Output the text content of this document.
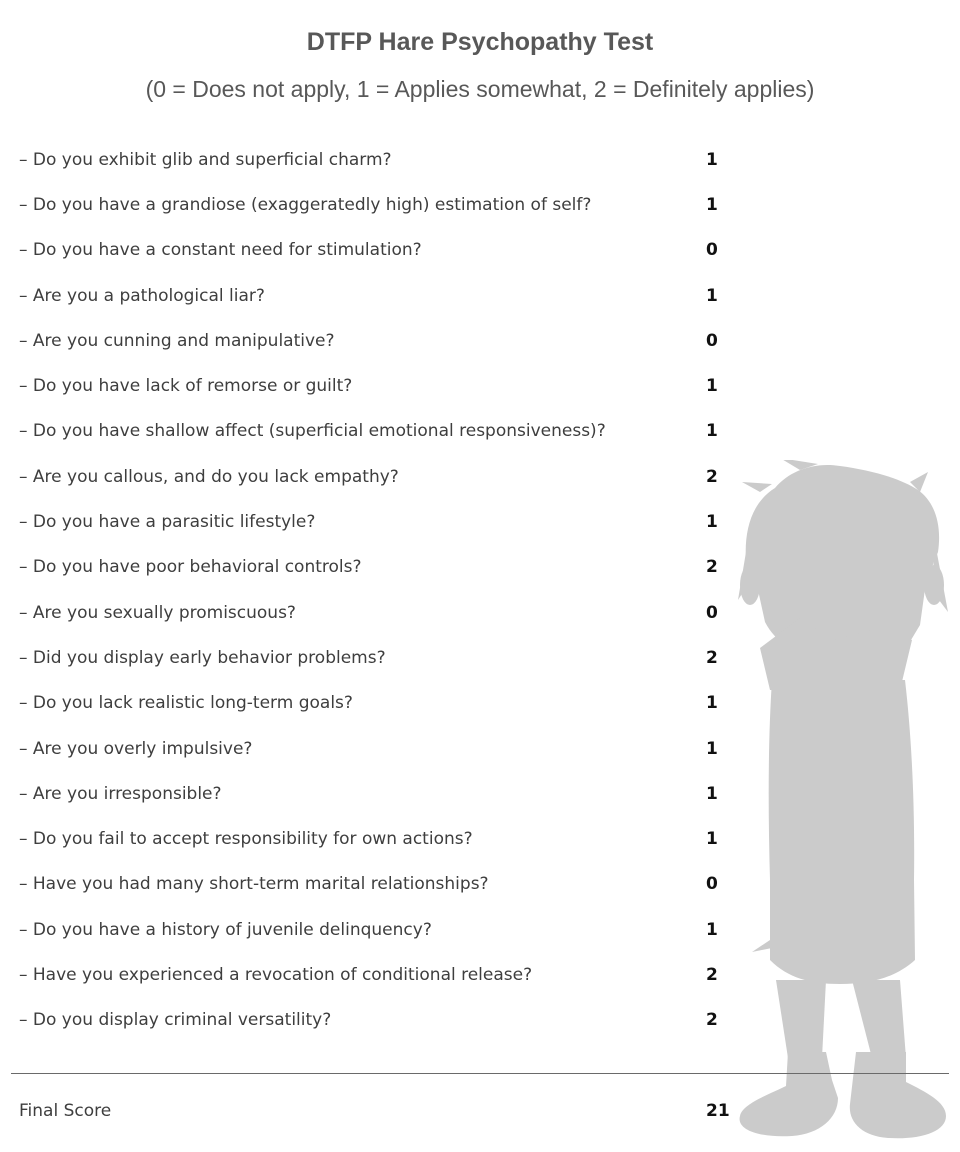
DTFP Hare Psychopathy Test
(0 = Does not apply, 1 = Applies somewhat, 2 = Definitely applies)
– Do you exhibit glib and superficial charm?	1
– Do you have a grandiose (exaggeratedly high) estimation of self?	1
– Do you have a constant need for stimulation?	0
– Are you a pathological liar?	1
– Are you cunning and manipulative?	0
– Do you have lack of remorse or guilt?	1
– Do you have shallow affect (superficial emotional responsiveness)?	1
– Are you callous, and do you lack empathy?	2
– Do you have a parasitic lifestyle?	1
– Do you have poor behavioral controls?	2
– Are you sexually promiscuous?	0
– Did you display early behavior problems?	2
– Do you lack realistic long-term goals?	1
– Are you overly impulsive?	1
– Are you irresponsible?	1
– Do you fail to accept responsibility for own actions?	1
– Have you had many short-term marital relationships?	0
– Do you have a history of juvenile delinquency?	1
– Have you experienced a revocation of conditional release?	2
– Do you display criminal versatility?	2
Final Score	21
